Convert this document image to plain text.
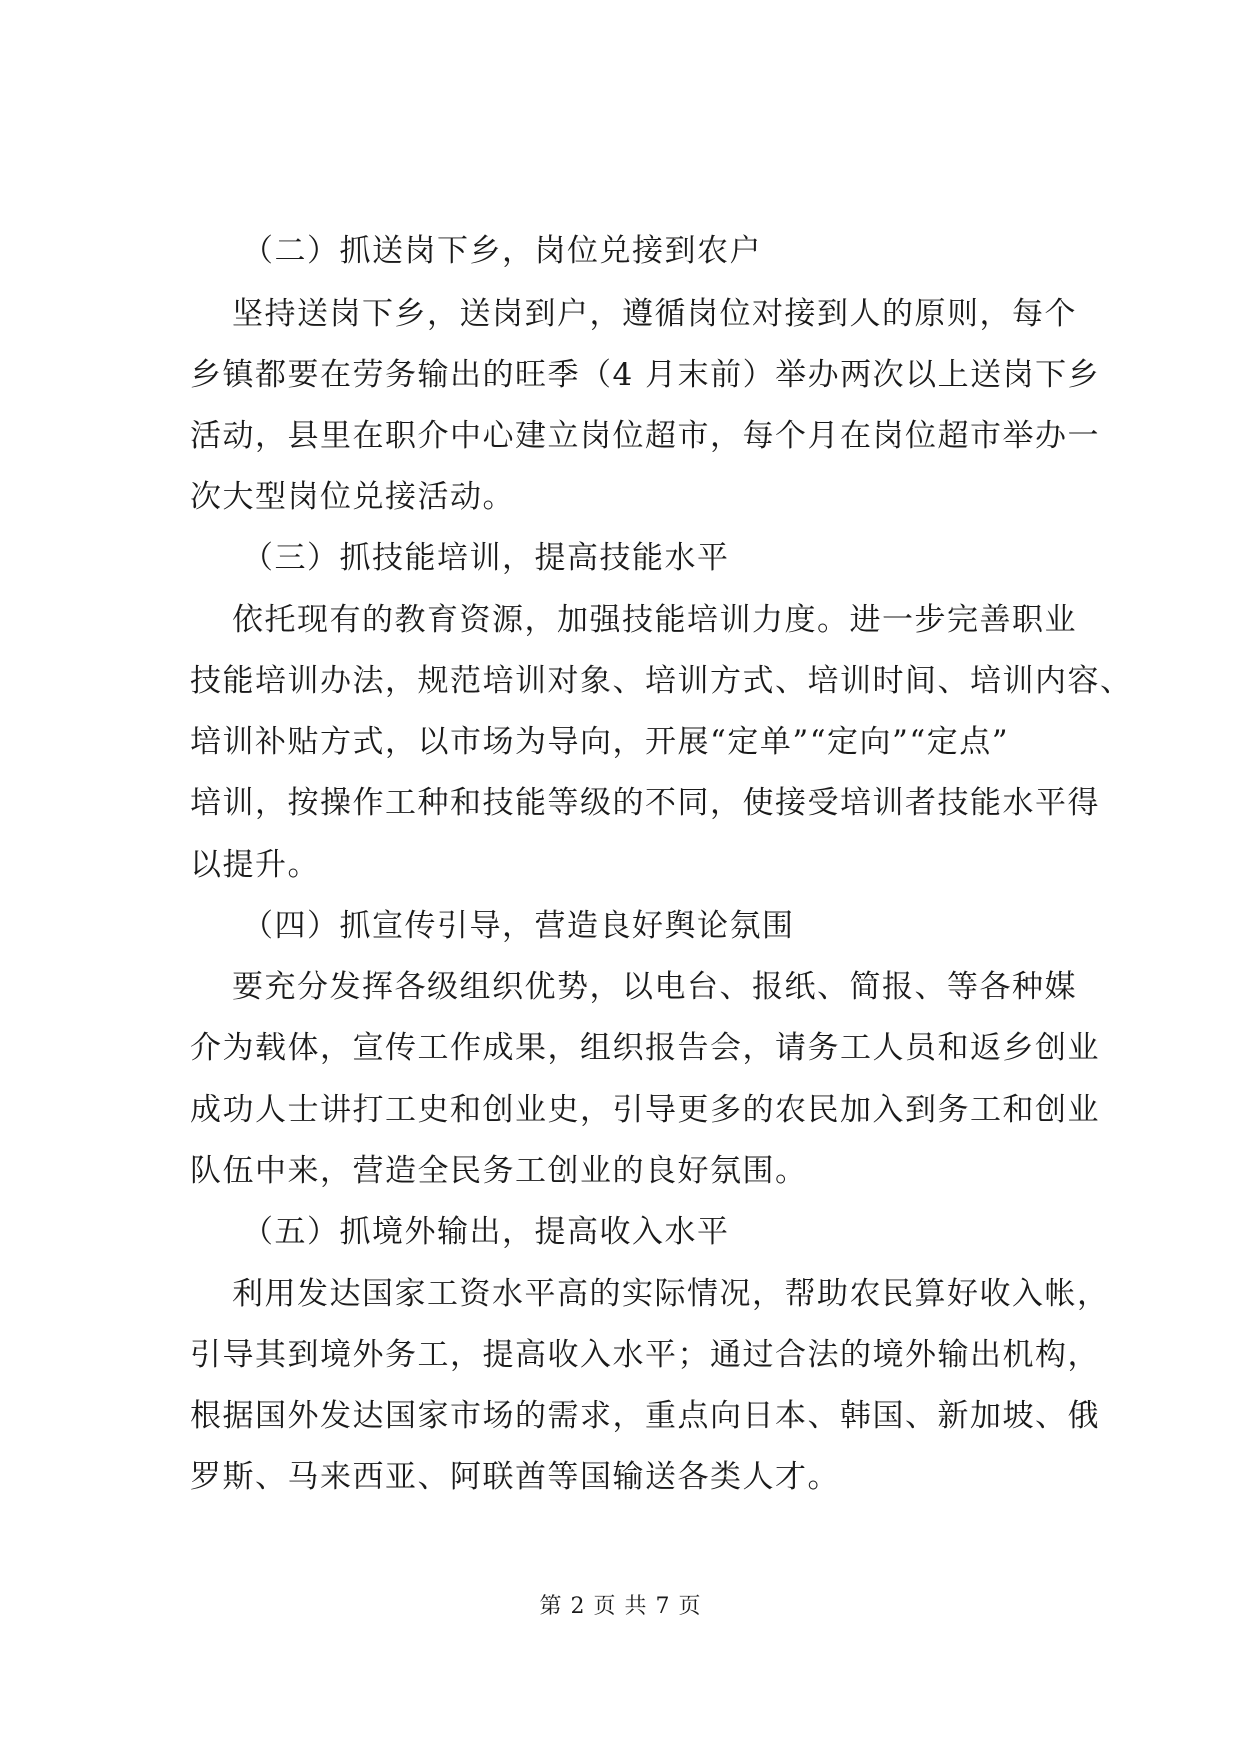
（二）抓送岗下乡，岗位兑接到农户
坚持送岗下乡，送岗到户，遵循岗位对接到人的原则，每个
乡镇都要在劳务输出的旺季（4 月末前）举办两次以上送岗下乡
活动，县里在职介中心建立岗位超市，每个月在岗位超市举办一
次大型岗位兑接活动。
（三）抓技能培训，提高技能水平
依托现有的教育资源，加强技能培训力度。进一步完善职业
技能培训办法，规范培训对象、培训方式、培训时间、培训内容、
培训补贴方式，以市场为导向，开展“定单”“定向”“定点”
培训，按操作工种和技能等级的不同，使接受培训者技能水平得
以提升。
（四）抓宣传引导，营造良好舆论氛围
要充分发挥各级组织优势，以电台、报纸、简报、等各种媒
介为载体，宣传工作成果，组织报告会，请务工人员和返乡创业
成功人士讲打工史和创业史，引导更多的农民加入到务工和创业
队伍中来，营造全民务工创业的良好氛围。
（五）抓境外输出，提高收入水平
利用发达国家工资水平高的实际情况，帮助农民算好收入帐，
引导其到境外务工，提高收入水平；通过合法的境外输出机构，
根据国外发达国家市场的需求，重点向日本、韩国、新加坡、俄
罗斯、马来西亚、阿联酋等国输送各类人才。
第 2 页 共 7 页
